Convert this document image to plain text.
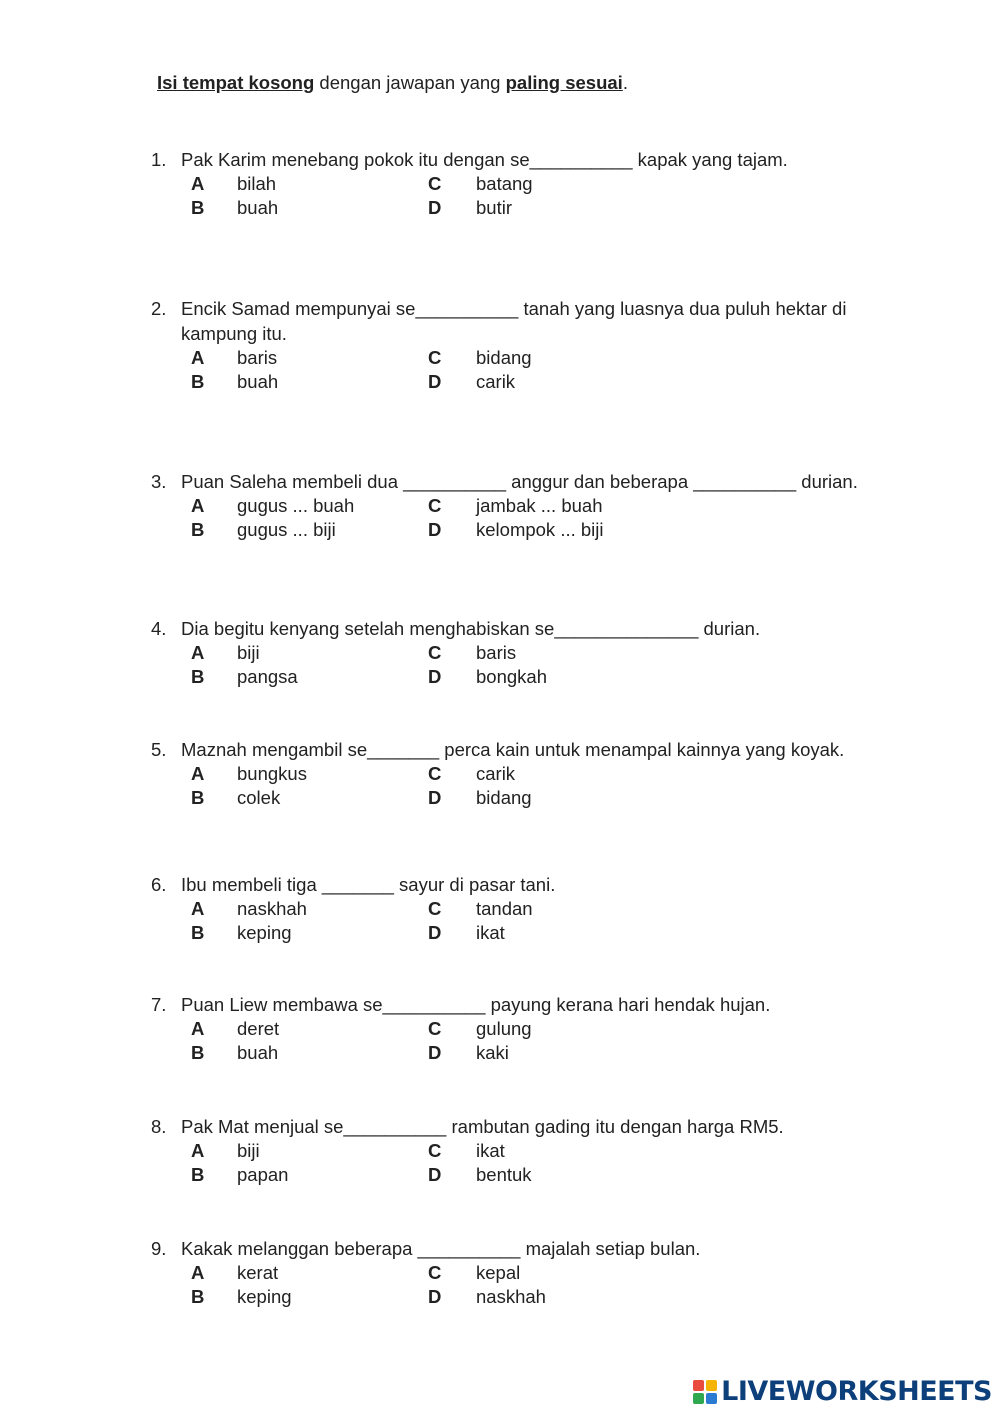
Isi tempat kosong dengan jawapan yang paling sesuai.
1. Pak Karim menebang pokok itu dengan se__________ kapak yang tajam.
A	bilah	C	batang
B	buah	D	butir
2. Encik Samad mempunyai se__________ tanah yang luasnya dua puluh hektar di kampung itu.
A	baris	C	bidang
B	buah	D	carik
3. Puan Saleha membeli dua __________ anggur dan beberapa __________ durian.
A	gugus ... buah	C	jambak ... buah
B	gugus ... biji	D	kelompok ... biji
4. Dia begitu kenyang setelah menghabiskan se______________ durian.
A	biji	C	baris
B	pangsa	D	bongkah
5. Maznah mengambil se_______ perca kain untuk menampal kainnya yang koyak.
A	bungkus	C	carik
B	colek	D	bidang
6. Ibu membeli tiga _______ sayur di pasar tani.
A	naskhah	C	tandan
B	keping	D	ikat
7. Puan Liew membawa se__________ payung kerana hari hendak hujan.
A	deret	C	gulung
B	buah	D	kaki
8. Pak Mat menjual se__________ rambutan gading itu dengan harga RM5.
A	biji	C	ikat
B	papan	D	bentuk
9. Kakak melanggan beberapa __________ majalah setiap bulan.
A	kerat	C	kepal
B	keping	D	naskhah
LIVEWORKSHEETS
